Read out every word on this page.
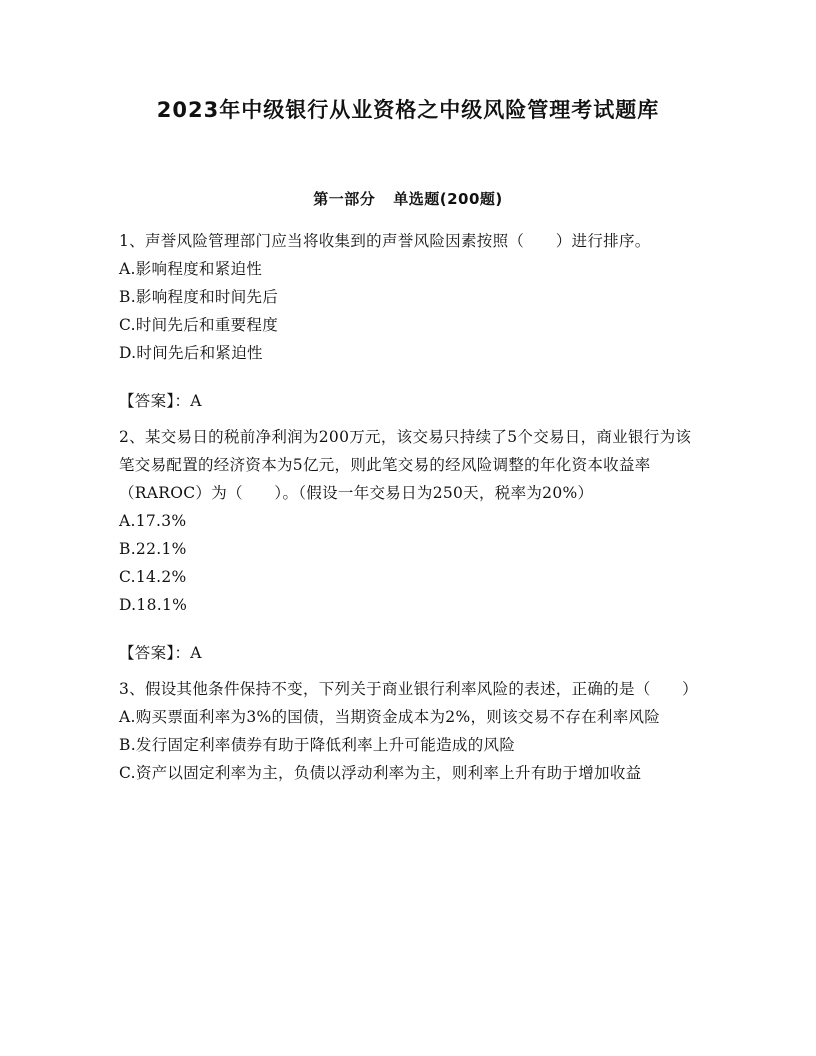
2023年中级银行从业资格之中级风险管理考试题库
第一部分 单选题(200题)

1、声誉风险管理部门应当将收集到的声誉风险因素按照（　　）进行排序。

A.影响程度和紧迫性

B.影响程度和时间先后

C.时间先后和重要程度

D.时间先后和紧迫性

【答案】：A

2、某交易日的税前净利润为200万元，该交易只持续了5个交易日，商业银行为该笔交易配置的经济资本为5亿元，则此笔交易的经风险调整的年化资本收益率（RAROC）为（　　）。（假设一年交易日为250天，税率为20%）

A.17.3%

B.22.1%

C.14.2%

D.18.1%

【答案】：A

3、假设其他条件保持不变，下列关于商业银行利率风险的表述，正确的是（　　）

A.购买票面利率为3%的国债，当期资金成本为2%，则该交易不存在利率风险

B.发行固定利率债券有助于降低利率上升可能造成的风险

C.资产以固定利率为主，负债以浮动利率为主，则利率上升有助于增加收益
